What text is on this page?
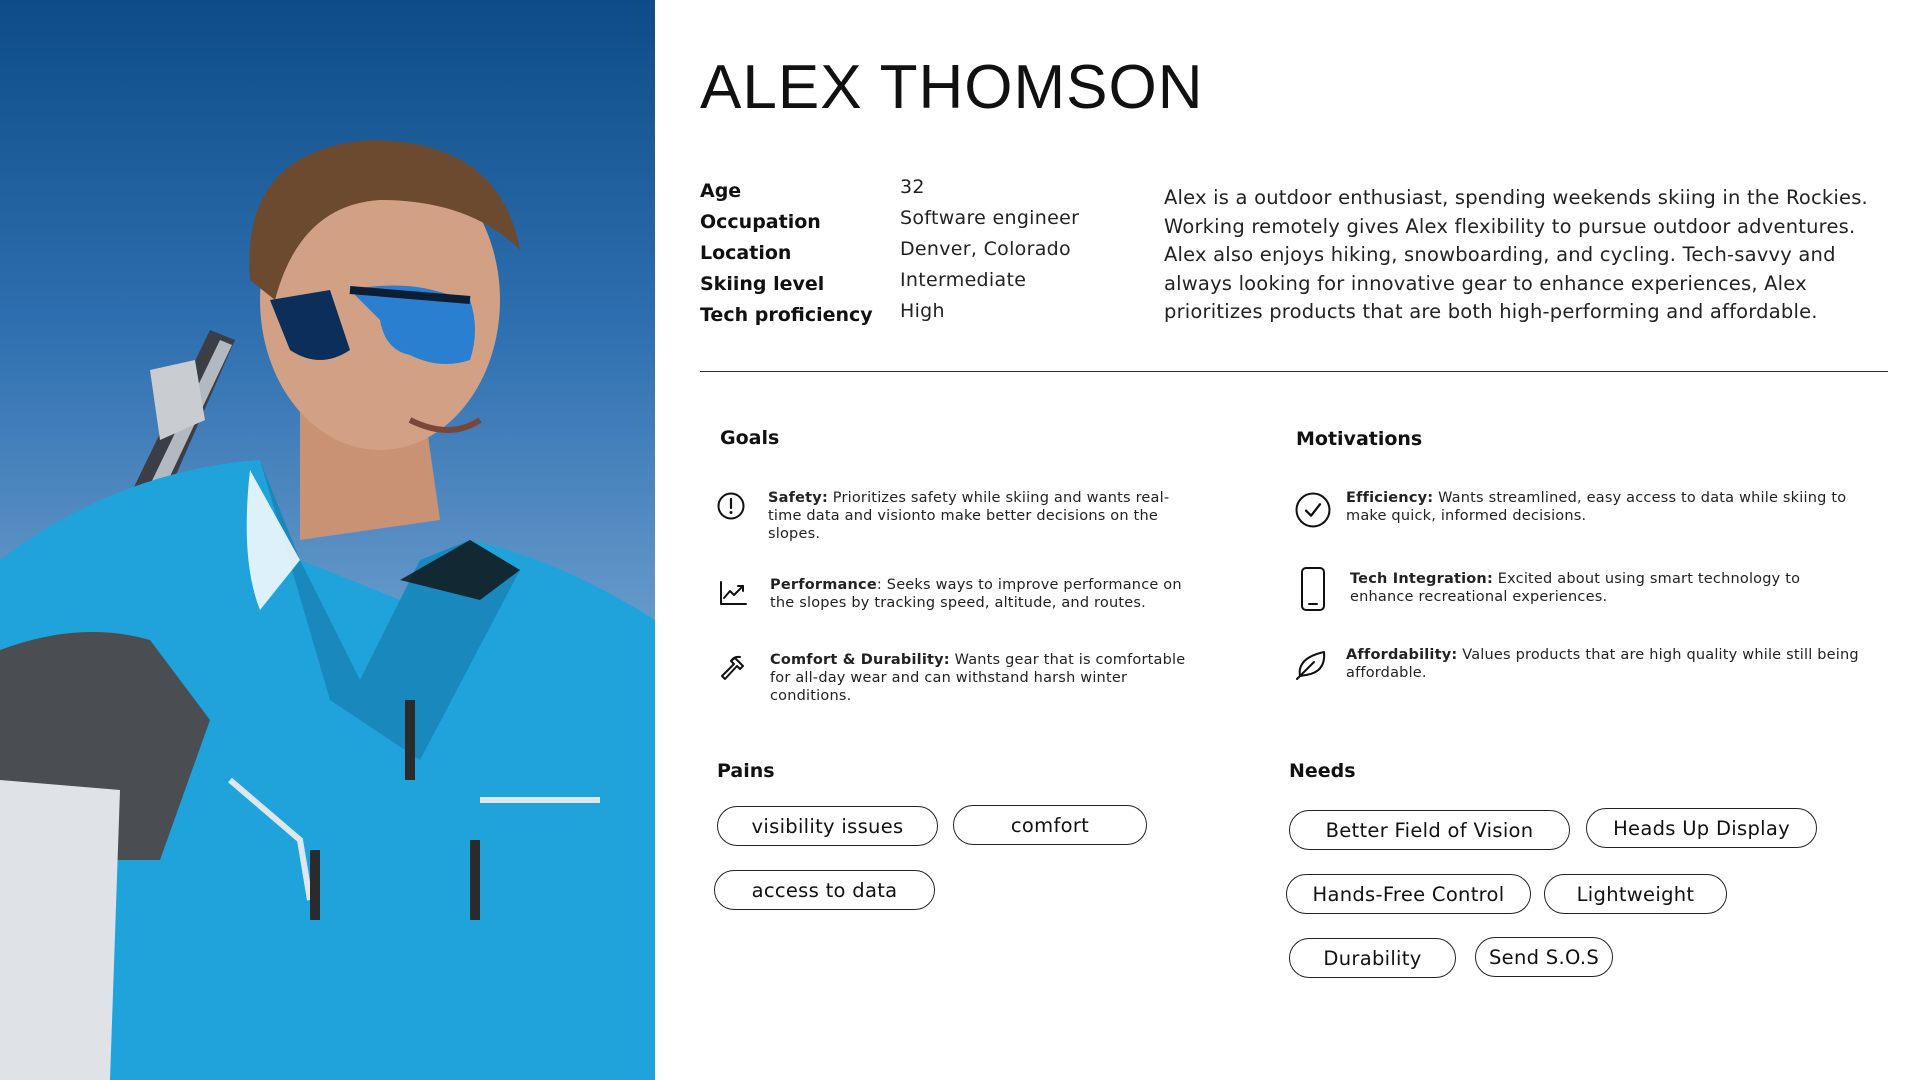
ALEX THOMSON
Age	32
Occupation	Software engineer
Location	Denver, Colorado
Skiing level	Intermediate
Tech proficiency High

Alex is a outdoor enthusiast, spending weekends skiing in the Rockies. Working remotely gives Alex flexibility to pursue outdoor adventures. Alex also enjoys hiking, snowboarding, and cycling. Tech-savvy and always looking for innovative gear to enhance experiences, Alex prioritizes products that are both high-performing and affordable.

Goals
Safety: Prioritizes safety while skiing and wants real-time data and visionto make better decisions on the slopes.
Performance: Seeks ways to improve performance on the slopes by tracking speed, altitude, and routes.
Comfort & Durability: Wants gear that is comfortable for all-day wear and can withstand harsh winter conditions.
Motivations
Efficiency: Wants streamlined, easy access to data while skiing to make quick, informed decisions.
Tech Integration: Excited about using smart technology to enhance recreational experiences.
Affordability: Values products that are high quality while still being affordable.
Pains
visibility issues	comfort
access to data
Needs
Better Field of Vision	Heads Up Display
Hands-Free Control	Lightweight
Durability	Send S.O.S
